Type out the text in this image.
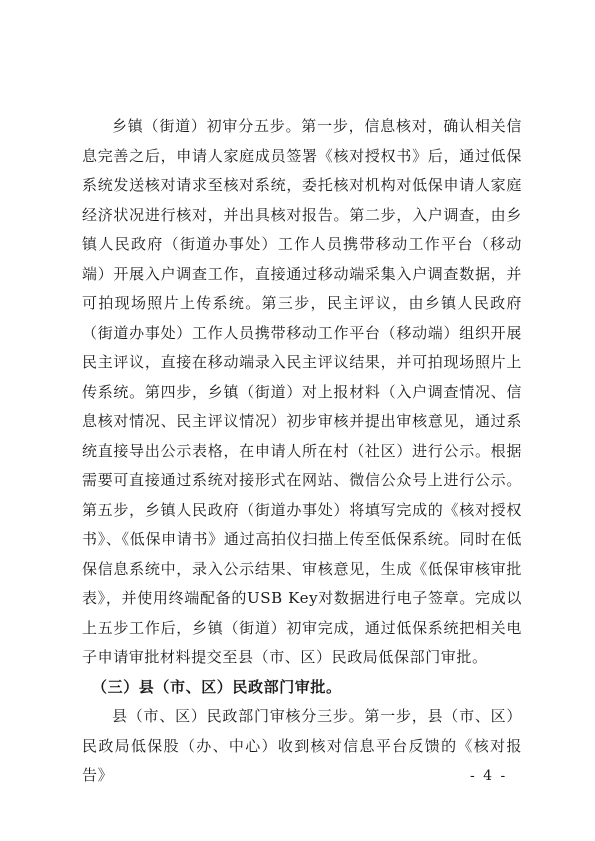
乡镇（街道）初审分五步。第一步，信息核对，确认相关信息完善之后，申请人家庭成员签署《核对授权书》后，通过低保系统发送核对请求至核对系统，委托核对机构对低保申请人家庭经济状况进行核对，并出具核对报告。第二步，入户调查，由乡镇人民政府（街道办事处）工作人员携带移动工作平台（移动端）开展入户调查工作，直接通过移动端采集入户调查数据，并可拍现场照片上传系统。第三步，民主评议，由乡镇人民政府（街道办事处）工作人员携带移动工作平台（移动端）组织开展民主评议，直接在移动端录入民主评议结果，并可拍现场照片上传系统。第四步，乡镇（街道）对上报材料（入户调查情况、信息核对情况、民主评议情况）初步审核并提出审核意见，通过系统直接导出公示表格，在申请人所在村（社区）进行公示。根据需要可直接通过系统对接形式在网站、微信公众号上进行公示。第五步，乡镇人民政府（街道办事处）将填写完成的《核对授权书》、《低保申请书》通过高拍仪扫描上传至低保系统。同时在低保信息系统中，录入公示结果、审核意见，生成《低保审核审批表》，并使用终端配备的USB Key对数据进行电子签章。完成以上五步工作后，乡镇（街道）初审完成，通过低保系统把相关电子申请审批材料提交至县（市、区）民政局低保部门审批。

（三）县（市、区）民政部门审批。

县（市、区）民政部门审核分三步。第一步，县（市、区）民政局低保股（办、中心）收到核对信息平台反馈的《核对报告》	- 4 -
